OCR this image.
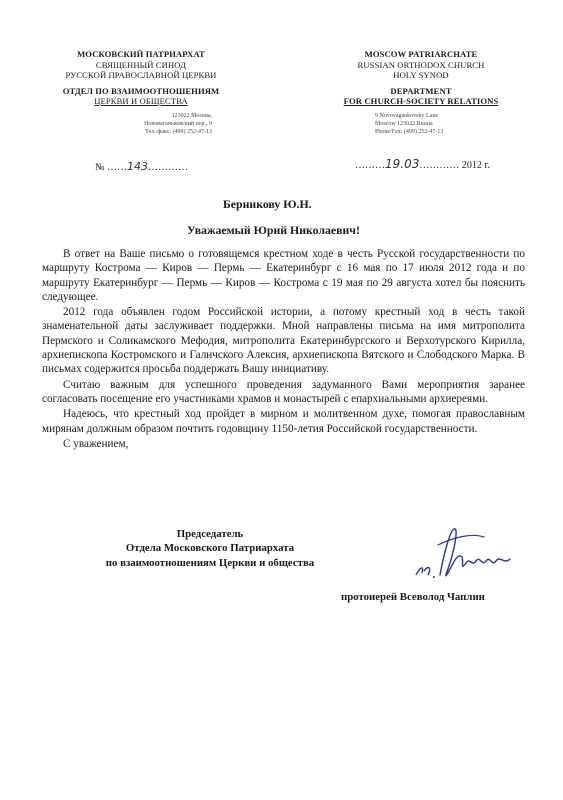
МОСКОВСКИЙ ПАТРИАРХАТ
СВЯЩЕННЫЙ СИНОД
РУССКОЙ ПРАВОСЛАВНОЙ ЦЕРКВИ
ОТДЕЛ ПО ВЗАИМООТНОШЕНИЯМ
ЦЕРКВИ И ОБЩЕСТВА
123022 Москва,
Нововаганьковский пер., 9
Тел./факс: (499) 252-47-13
MOSCOW PATRIARCHATE
RUSSIAN ORTHODOX CHURCH
HOLY SYNOD
DEPARTMENT
FOR CHURCH-SOCIETY RELATIONS
9 Novovagankovsky Lane
Moscow 123022 Russia
Phone/Fax: (499) 252-47-13
№ ……143…………	………19.03………… 2012 г.
Берникову Ю.Н.
Уважаемый Юрий Николаевич!

В ответ на Ваше письмо о готовящемся крестном ходе в честь Русской государственности по маршруту Кострома — Киров — Пермь — Екатеринбург с 16 мая по 17 июля 2012 года и по маршруту Екатеринбург — Пермь — Киров — Кострома с 19 мая по 29 августа хотел бы пояснить следующее.

2012 года объявлен годом Российской истории, а потому крестный ход в честь такой знаменательной даты заслуживает поддержки. Мной направлены письма на имя митрополита Пермского и Соликамского Мефодия, митрополита Екатеринбургского и Верхотурского Кирилла, архиепископа Костромского и Галичского Алексия, архиепископа Вятского и Слободского Марка. В письмах содержится просьба поддержать Вашу инициативу.

Считаю важным для успешного проведения задуманного Вами мероприятия заранее согласовать посещение его участниками храмов и монастырей с епархиальными архиереями.

Надеюсь, что крестный ход пройдет в мирном и молитвенном духе, помогая православным мирянам должным образом почтить годовщину 1150-летия Российской государственности.

С уважением,

Председатель
Отдела Московского Патриархата
по взаимоотношениям Церкви и общества
протоиерей Всеволод Чаплин
